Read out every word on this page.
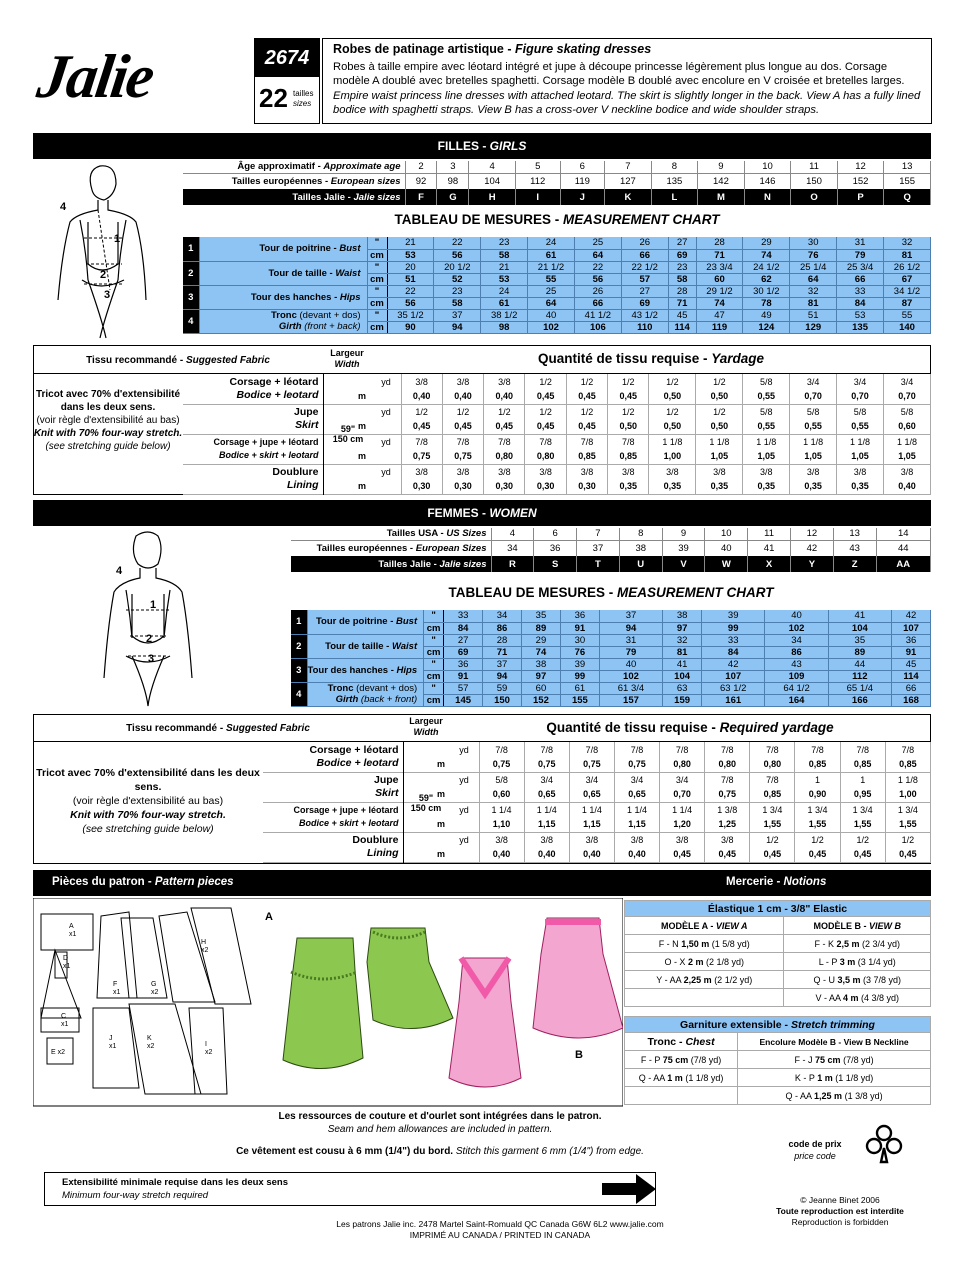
Jalie	2674
22 tailles
sizes
Robes de patinage artistique - Figure skating dresses
Robes à taille empire avec léotard intégré et jupe à découpe princesse légèrement plus longue au dos. Corsage modèle A doublé avec bretelles spaghetti. Corsage modèle B doublé avec encolure en V croisée et bretelles larges.
Empire waist princess line dresses with attached leotard. The skirt is slightly longer in the back. View A has a fully lined bodice with spaghetti straps. View B has a cross-over V neckline bodice and wide shoulder straps.
FILLES - GIRLS
1
2
3
4
Âge approximatif - Approximate age	2	3	4	5	6	7	8	9	10	11	12	13
Tailles européennes - European sizes	92	98	104	112	119	127	135	142	146	150	152	155
Tailles Jalie - Jalie sizes	F	G	H	I	J	K	L	M	N	O	P	Q
TABLEAU DE MESURES - MEASUREMENT CHART
1	Tour de poitrine - Bust	"	21	22	23	24	25	26	27	28	29	30	31	32
		cm	53	56	58	61	64	66	69	71	74	76	79	81
2	Tour de taille - Waist	"	20	20 1/2	21	21 1/2	22	22 1/2	23	23 3/4	24 1/2	25 1/4	25 3/4	26 1/2
		cm	51	52	53	55	56	57	58	60	62	64	66	67
3	Tour des hanches - Hips	"	22	23	24	25	26	27	28	29 1/2	30 1/2	32	33	34 1/2
		cm	56	58	61	64	66	69	71	74	78	81	84	87
4	Tronc (devant + dos)
Girth (front + back)	"	35 1/2	37	38 1/2	40	41 1/2	43 1/2	45	47	49	51	53	55
		cm	90	94	98	102	106	110	114	119	124	129	135	140
Tissu recommandé - Suggested Fabric
Largeur
Width	Quantité de tissu requise - Yardage
Tricot avec 70% d'extensibilité dans les deux sens.
(voir règle d'extensibilité au bas)
Knit with 70% four-way stretch.
(see stretching guide below)
59"
150 cm
Corsage + léotard
Bodice + leotard	yd	3/8	3/8	3/8	1/2	1/2	1/2	1/2	1/2	5/8	3/4	3/4	3/4
	m	0,40	0,40	0,40	0,45	0,45	0,45	0,50	0,50	0,55	0,70	0,70	0,70
Jupe
Skirt	yd	1/2	1/2	1/2	1/2	1/2	1/2	1/2	1/2	5/8	5/8	5/8	5/8
	m	0,45	0,45	0,45	0,45	0,45	0,50	0,50	0,50	0,55	0,55	0,55	0,60
Corsage + jupe + léotard
Bodice + skirt + leotard	yd	7/8	7/8	7/8	7/8	7/8	7/8	1 1/8	1 1/8	1 1/8	1 1/8	1 1/8	1 1/8
	m	0,75	0,75	0,80	0,80	0,85	0,85	1,00	1,05	1,05	1,05	1,05	1,05
Doublure
Lining	yd	3/8	3/8	3/8	3/8	3/8	3/8	3/8	3/8	3/8	3/8	3/8	3/8
	m	0,30	0,30	0,30	0,30	0,30	0,35	0,35	0,35	0,35	0,35	0,35	0,40
FEMMES - WOMEN
1
2
3
4
Tailles USA - US Sizes	4	6	7	8	9	10	11	12	13	14
Tailles européennes - European Sizes	34	36	37	38	39	40	41	42	43	44
Tailles Jalie - Jalie sizes	R	S	T	U	V	W	X	Y	Z	AA
TABLEAU DE MESURES - MEASUREMENT CHART
1	Tour de poitrine - Bust	"	33	34	35	36	37	38	39	40	41	42
		cm	84	86	89	91	94	97	99	102	104	107
2	Tour de taille - Waist	"	27	28	29	30	31	32	33	34	35	36
		cm	69	71	74	76	79	81	84	86	89	91
3	Tour des hanches - Hips	"	36	37	38	39	40	41	42	43	44	45
		cm	91	94	97	99	102	104	107	109	112	114
4	Tronc (devant + dos)
Girth (back + front)	"	57	59	60	61	61 3/4	63	63 1/2	64 1/2	65 1/4	66
		cm	145	150	152	155	157	159	161	164	166	168
Tissu recommandé - Suggested Fabric
Largeur
Width	Quantité de tissu requise - Required yardage
Tricot avec 70% d'extensibilité dans les deux sens.
(voir règle d'extensibilité au bas)
Knit with 70% four-way stretch.
(see stretching guide below)
59"
150 cm
Corsage + léotard
Bodice + leotard	yd	7/8	7/8	7/8	7/8	7/8	7/8	7/8	7/8	7/8	7/8
	m	0,75	0,75	0,75	0,75	0,80	0,80	0,80	0,85	0,85	0,85
Jupe
Skirt	yd	5/8	3/4	3/4	3/4	3/4	7/8	7/8	1	1	1 1/8
	m	0,60	0,65	0,65	0,65	0,70	0,75	0,85	0,90	0,95	1,00
Corsage + jupe + léotard
Bodice + skirt + leotard	yd	1 1/4	1 1/4	1 1/4	1 1/4	1 1/4	1 3/8	1 3/4	1 3/4	1 3/4	1 3/4
	m	1,10	1,15	1,15	1,15	1,20	1,25	1,55	1,55	1,55	1,55
Doublure
Lining	yd	3/8	3/8	3/8	3/8	3/8	3/8	1/2	1/2	1/2	1/2
	m	0,40	0,40	0,40	0,40	0,45	0,45	0,45	0,45	0,45	0,45
Pièces du patron - Pattern pieces	Mercerie - Notions
A
x1
D
x1
F
x1
G
x2
H
x2
C
x1
E x2
J
x1
K
x2	I
x2
A
B
Élastique 1 cm - 3/8" Elastic	
MODÈLE A - VIEW A	MODÈLE B - VIEW B
F - N 1,50 m (1 5/8 yd)	F - K 2,5 m (2 3/4 yd)
O - X 2 m (2 1/8 yd)	L - P 3 m (3 1/4 yd)
Y - AA 2,25 m (2 1/2 yd)	Q - U 3,5 m (3 7/8 yd)
	V - AA 4 m (4 3/8 yd)
Garniture extensible - Stretch trimming	
Tronc - Chest	Encolure Modèle B - View B Neckline
F - P 75 cm (7/8 yd)	F - J 75 cm (7/8 yd)
Q - AA 1 m (1 1/8 yd)	K - P 1 m (1 1/8 yd)
	Q - AA 1,25 m (1 3/8 yd)
Les ressources de couture et d'ourlet sont intégrées dans le patron.
Seam and hem allowances are included in pattern.
Ce vêtement est cousu à 6 mm (1/4") du bord. Stitch this garment 6 mm (1/4") from edge.
code de prix
price code
Extensibilité minimale requise dans les deux sens
Minimum four-way stretch required	© Jeanne Binet 2006
Toute reproduction est interdite
Reproduction is forbidden
Les patrons Jalie inc. 2478 Martel Saint-Romuald QC Canada G6W 6L2 www.jalie.com
IMPRIMÉ AU CANADA / PRINTED IN CANADA
